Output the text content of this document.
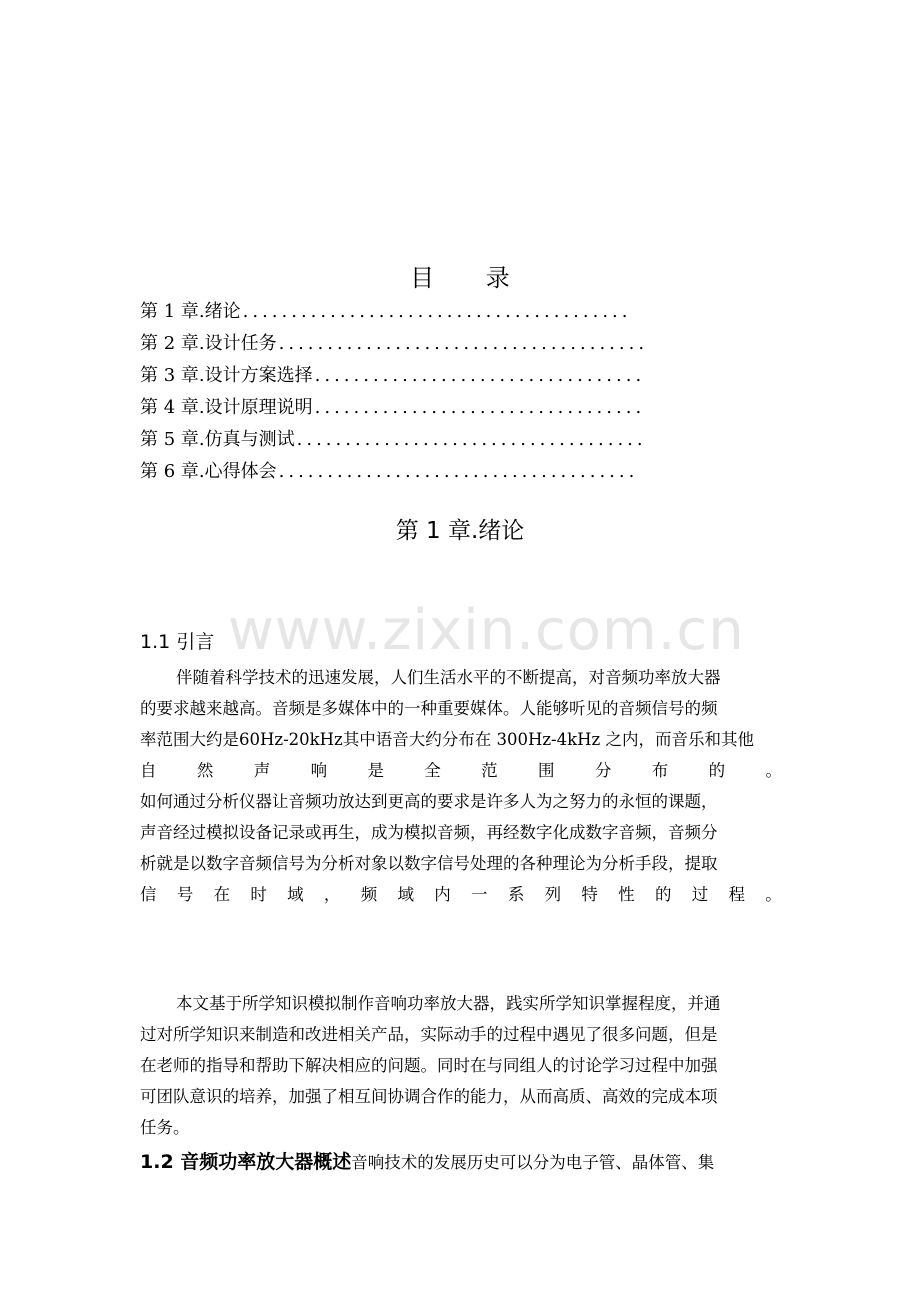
目 录
第 1 章.绪论 ........................................
第 2 章.设计任务 ......................................
第 3 章.设计方案选择 ..................................
第 4 章.设计原理说明 ..................................
第 5 章.仿真与测试 ....................................
第 6 章.心得体会 .....................................
第 1 章.绪论
www.zixin.com.cn
1.1 引言
伴随着科学技术的迅速发展，人们生活水平的不断提高，对音频功率放大器
的要求越来越高。音频是多媒体中的一种重要媒体。人能够听见的音频信号的频
率范围大约是60Hz-20kHz其中语音大约分布在 300Hz-4kHz 之内，而音乐和其他
自 然 声 响 是 全 范 围 分 布 的 。
如何通过分析仪器让音频功放达到更高的要求是许多人为之努力的永恒的课题，
声音经过模拟设备记录或再生，成为模拟音频，再经数字化成数字音频，音频分
析就是以数字音频信号为分析对象以数字信号处理的各种理论为分析手段，提取
信 号 在 时 域 ， 频 域 内 一 系 列 特 性 的 过 程 。
本文基于所学知识模拟制作音响功率放大器，践实所学知识掌握程度，并通
过对所学知识来制造和改进相关产品，实际动手的过程中遇见了很多问题，但是
在老师的指导和帮助下解决相应的问题。同时在与同组人的讨论学习过程中加强
可团队意识的培养，加强了相互间协调合作的能力，从而高质、高效的完成本项
任务。
1.2 音频功率放大器概述音响技术的发展历史可以分为电子管、晶体管、集
